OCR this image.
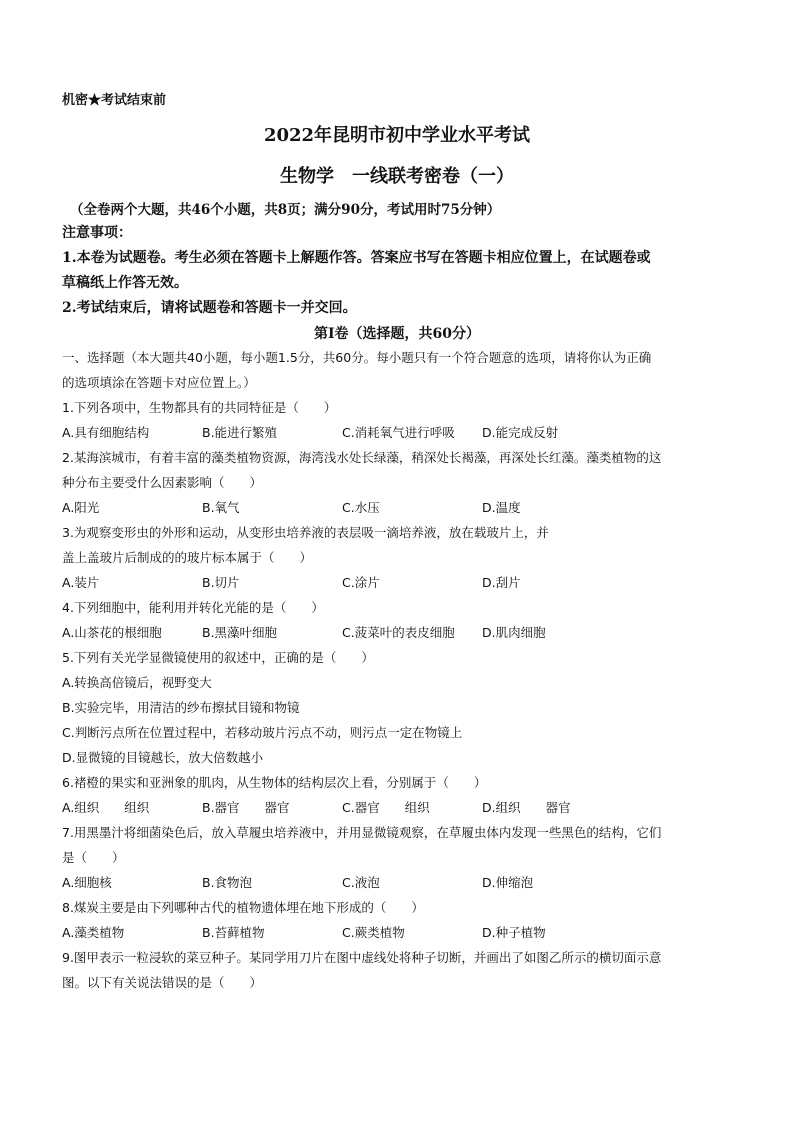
机密★考试结束前
2022年昆明市初中学业水平考试
生物学　一线联考密卷（一）
（全卷两个大题，共46个小题，共8页；满分90分，考试用时75分钟）

注意事项：

1.本卷为试题卷。考生必须在答题卡上解题作答。答案应书写在答题卡相应位置上，在试题卷或

草稿纸上作答无效。

2.考试结束后，请将试题卷和答题卡一并交回。

第Ⅰ卷（选择题，共60分）

一、选择题（本大题共40小题，每小题1.5分，共60分。每小题只有一个符合题意的选项，请将你认为正确

的选项填涂在答题卡对应位置上。）

1.下列各项中，生物都具有的共同特征是（　　）

A.具有细胞结构	B.能进行繁殖	C.消耗氧气进行呼吸	D.能完成反射

2.某海滨城市，有着丰富的藻类植物资源，海湾浅水处长绿藻，稍深处长褐藻，再深处长红藻。藻类植物的这

种分布主要受什么因素影响（　　）

A.阳光	B.氧气	C.水压	D.温度

3.为观察变形虫的外形和运动，从变形虫培养液的表层吸一滴培养液，放在载玻片上，并

盖上盖玻片后制成的的玻片标本属于（　　）

A.装片	B.切片	C.涂片	D.刮片

4.下列细胞中，能利用并转化光能的是（　　）

A.山茶花的根细胞	B.黑藻叶细胞	C.菠菜叶的表皮细胞	D.肌肉细胞

5.下列有关光学显微镜使用的叙述中，正确的是（　　）

A.转换高倍镜后，视野变大

B.实验完毕，用清洁的纱布擦拭目镜和物镜

C.判断污点所在位置过程中，若移动玻片污点不动，则污点一定在物镜上

D.显微镜的目镜越长，放大倍数越小

6.褚橙的果实和亚洲象的肌肉，从生物体的结构层次上看，分别属于（　　）

A.组织　　组织	B.器官　　器官	C.器官　　组织	D.组织　　器官

7.用黑墨汁将细菌染色后，放入草履虫培养液中，并用显微镜观察，在草履虫体内发现一些黑色的结构，它们

是（　　）

A.细胞核	B.食物泡	C.液泡	D.伸缩泡

8.煤炭主要是由下列哪种古代的植物遗体埋在地下形成的（　　）

A.藻类植物	B.苔藓植物	C.蕨类植物	D.种子植物

9.图甲表示一粒浸软的菜豆种子。某同学用刀片在图中虚线处将种子切断，并画出了如图乙所示的横切面示意

图。以下有关说法错误的是（　　）
